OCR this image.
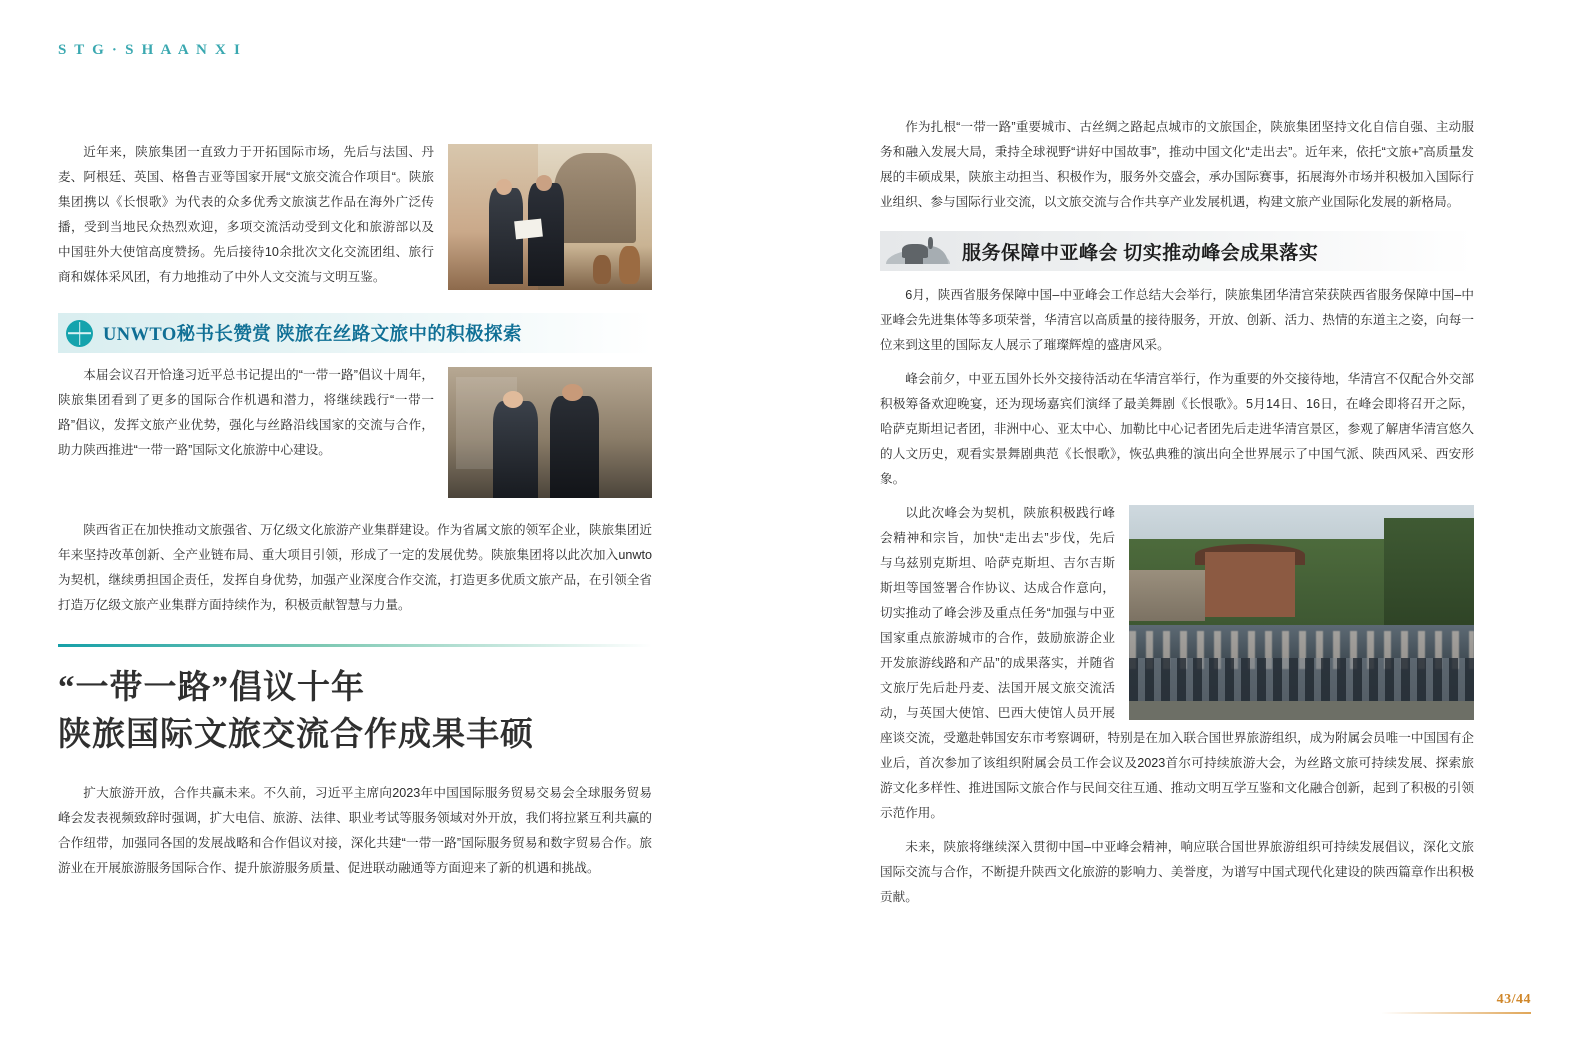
S T G · S H A A N X I

近年来，陕旅集团一直致力于开拓国际市场，先后与法国、丹麦、阿根廷、英国、格鲁吉亚等国家开展“文旅交流合作项目“。陕旅集团携以《长恨歌》为代表的众多优秀文旅演艺作品在海外广泛传播，受到当地民众热烈欢迎，多项交流活动受到文化和旅游部以及中国驻外大使馆高度赞扬。先后接待10余批次文化交流团组、旅行商和媒体采风团，有力地推动了中外人文交流与文明互鉴。

UNWTO秘书长赞赏 陕旅在丝路文旅中的积极探索

本届会议召开恰逢习近平总书记提出的“一带一路”倡议十周年，陕旅集团看到了更多的国际合作机遇和潜力，将继续践行“一带一路”倡议，发挥文旅产业优势，强化与丝路沿线国家的交流与合作，助力陕西推进“一带一路”国际文化旅游中心建设。

陕西省正在加快推动文旅强省、万亿级文化旅游产业集群建设。作为省属文旅的领军企业，陕旅集团近年来坚持改革创新、全产业链布局、重大项目引领，形成了一定的发展优势。陕旅集团将以此次加入unwto为契机，继续勇担国企责任，发挥自身优势，加强产业深度合作交流，打造更多优质文旅产品，在引领全省打造万亿级文旅产业集群方面持续作为，积极贡献智慧与力量。

“一带一路”倡议十年
陕旅国际文旅交流合作成果丰硕

扩大旅游开放，合作共赢未来。不久前，习近平主席向2023年中国国际服务贸易交易会全球服务贸易峰会发表视频致辞时强调，扩大电信、旅游、法律、职业考试等服务领域对外开放，我们将拉紧互利共赢的合作纽带，加强同各国的发展战略和合作倡议对接，深化共建“一带一路”国际服务贸易和数字贸易合作。旅游业在开展旅游服务国际合作、提升旅游服务质量、促进联动融通等方面迎来了新的机遇和挑战。

作为扎根“一带一路”重要城市、古丝绸之路起点城市的文旅国企，陕旅集团坚持文化自信自强、主动服务和融入发展大局，秉持全球视野“讲好中国故事”，推动中国文化“走出去”。近年来，依托“文旅+”高质量发展的丰硕成果，陕旅主动担当、积极作为，服务外交盛会，承办国际赛事，拓展海外市场并积极加入国际行业组织、参与国际行业交流，以文旅交流与合作共享产业发展机遇，构建文旅产业国际化发展的新格局。

服务保障中亚峰会 切实推动峰会成果落实

6月，陕西省服务保障中国–中亚峰会工作总结大会举行，陕旅集团华清宫荣获陕西省服务保障中国–中亚峰会先进集体等多项荣誉，华清宫以高质量的接待服务，开放、创新、活力、热情的东道主之姿，向每一位来到这里的国际友人展示了璀璨辉煌的盛唐风采。

峰会前夕，中亚五国外长外交接待活动在华清宫举行，作为重要的外交接待地，华清宫不仅配合外交部积极筹备欢迎晚宴，还为现场嘉宾们演绎了最美舞剧《长恨歌》。5月14日、16日，在峰会即将召开之际，哈萨克斯坦记者团，非洲中心、亚太中心、加勒比中心记者团先后走进华清宫景区，参观了解唐华清宫悠久的人文历史，观看实景舞剧典范《长恨歌》，恢弘典雅的演出向全世界展示了中国气派、陕西风采、西安形象。

以此次峰会为契机，陕旅积极践行峰会精神和宗旨，加快“走出去”步伐，先后与乌兹别克斯坦、哈萨克斯坦、吉尔吉斯斯坦等国签署合作协议、达成合作意向，切实推动了峰会涉及重点任务“加强与中亚国家重点旅游城市的合作，鼓励旅游企业开发旅游线路和产品”的成果落实，并随省文旅厅先后赴丹麦、法国开展文旅交流活动，与英国大使馆、巴西大使馆人员开展座谈交流，受邀赴韩国安东市考察调研，特别是在加入联合国世界旅游组织，成为附属会员唯一中国国有企业后，首次参加了该组织附属会员工作会议及2023首尔可持续旅游大会，为丝路文旅可持续发展、探索旅游文化多样性、推进国际文旅合作与民间交往互通、推动文明互学互鉴和文化融合创新，起到了积极的引领示范作用。

未来，陕旅将继续深入贯彻中国–中亚峰会精神，响应联合国世界旅游组织可持续发展倡议，深化文旅国际交流与合作，不断提升陕西文化旅游的影响力、美誉度，为谱写中国式现代化建设的陕西篇章作出积极贡献。

43/44
